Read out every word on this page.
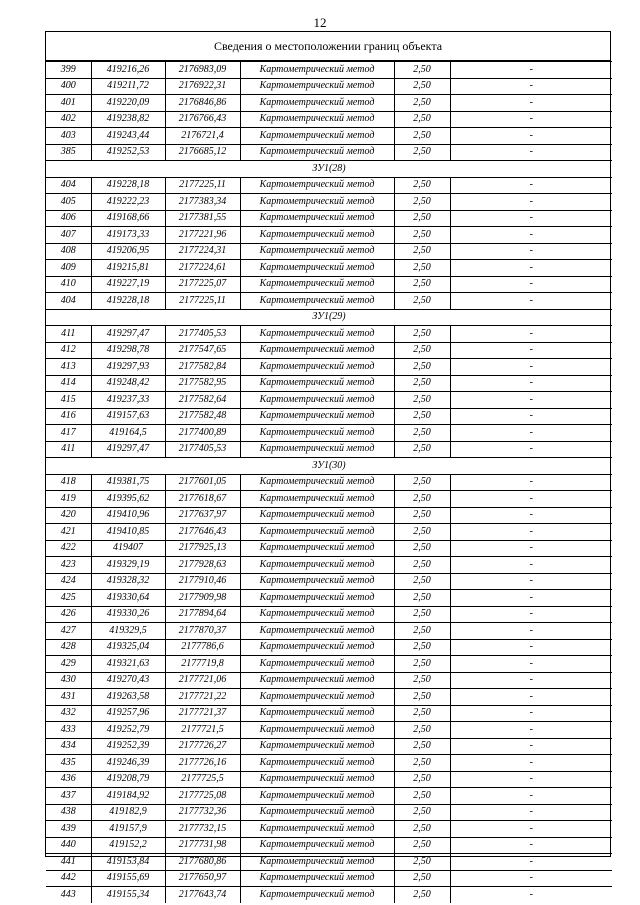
12
Сведения о местоположении границ объекта
399	419216,26	2176983,09	Картометрический метод	2,50	-
400	419211,72	2176922,31	Картометрический метод	2,50	-
401	419220,09	2176846,86	Картометрический метод	2,50	-
402	419238,82	2176766,43	Картометрический метод	2,50	-
403	419243,44	2176721,4	Картометрический метод	2,50	-
385	419252,53	2176685,12	Картометрический метод	2,50	-
ЗУ1(28)					
404	419228,18	2177225,11	Картометрический метод	2,50	-
405	419222,23	2177383,34	Картометрический метод	2,50	-
406	419168,66	2177381,55	Картометрический метод	2,50	-
407	419173,33	2177221,96	Картометрический метод	2,50	-
408	419206,95	2177224,31	Картометрический метод	2,50	-
409	419215,81	2177224,61	Картометрический метод	2,50	-
410	419227,19	2177225,07	Картометрический метод	2,50	-
404	419228,18	2177225,11	Картометрический метод	2,50	-
ЗУ1(29)					
411	419297,47	2177405,53	Картометрический метод	2,50	-
412	419298,78	2177547,65	Картометрический метод	2,50	-
413	419297,93	2177582,84	Картометрический метод	2,50	-
414	419248,42	2177582,95	Картометрический метод	2,50	-
415	419237,33	2177582,64	Картометрический метод	2,50	-
416	419157,63	2177582,48	Картометрический метод	2,50	-
417	419164,5	2177400,89	Картометрический метод	2,50	-
411	419297,47	2177405,53	Картометрический метод	2,50	-
ЗУ1(30)					
418	419381,75	2177601,05	Картометрический метод	2,50	-
419	419395,62	2177618,67	Картометрический метод	2,50	-
420	419410,96	2177637,97	Картометрический метод	2,50	-
421	419410,85	2177646,43	Картометрический метод	2,50	-
422	419407	2177925,13	Картометрический метод	2,50	-
423	419329,19	2177928,63	Картометрический метод	2,50	-
424	419328,32	2177910,46	Картометрический метод	2,50	-
425	419330,64	2177909,98	Картометрический метод	2,50	-
426	419330,26	2177894,64	Картометрический метод	2,50	-
427	419329,5	2177870,37	Картометрический метод	2,50	-
428	419325,04	2177786,6	Картометрический метод	2,50	-
429	419321,63	2177719,8	Картометрический метод	2,50	-
430	419270,43	2177721,06	Картометрический метод	2,50	-
431	419263,58	2177721,22	Картометрический метод	2,50	-
432	419257,96	2177721,37	Картометрический метод	2,50	-
433	419252,79	2177721,5	Картометрический метод	2,50	-
434	419252,39	2177726,27	Картометрический метод	2,50	-
435	419246,39	2177726,16	Картометрический метод	2,50	-
436	419208,79	2177725,5	Картометрический метод	2,50	-
437	419184,92	2177725,08	Картометрический метод	2,50	-
438	419182,9	2177732,36	Картометрический метод	2,50	-
439	419157,9	2177732,15	Картометрический метод	2,50	-
440	419152,2	2177731,98	Картометрический метод	2,50	-
441	419153,84	2177680,86	Картометрический метод	2,50	-
442	419155,69	2177650,97	Картометрический метод	2,50	-
443	419155,34	2177643,74	Картометрический метод	2,50	-
